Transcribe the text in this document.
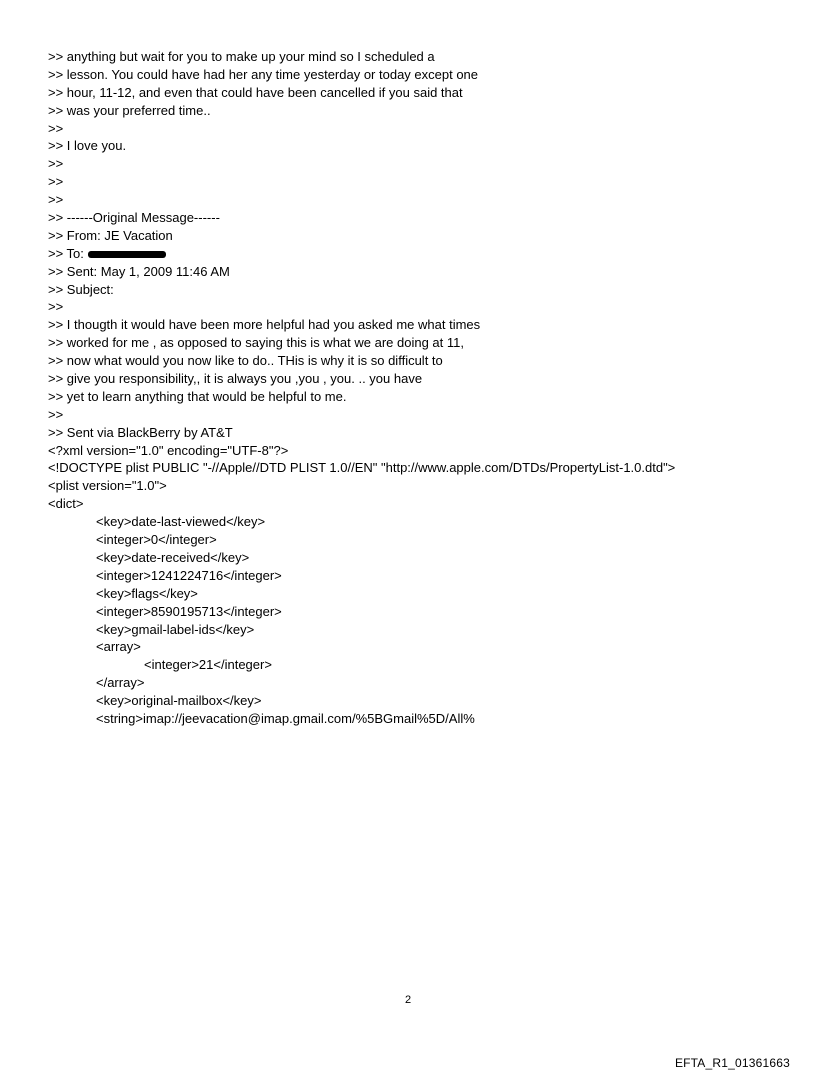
>> anything but wait for you to make up your mind so I scheduled a
>> lesson. You could have had her any time yesterday or today except one
>> hour, 11-12, and even that could have been cancelled if you said that
>> was your preferred time..
>>
>> I love you.
>>
>>
>>
>> ------Original Message------
>> From: JE Vacation
>> To:
>> Sent: May 1, 2009 11:46 AM
>> Subject:
>>
>> I thougth it would have been more helpful had you asked me what times
>> worked for me , as opposed to saying this is what we are doing at 11,
>> now what would you now like to do.. THis is why it is so difficult to
>> give you responsibility,, it is always you ,you , you. .. you have
>> yet to learn anything that would be helpful to me.
>>
>> Sent via BlackBerry by AT&T
<?xml version="1.0" encoding="UTF-8"?>
<!DOCTYPE plist PUBLIC "-//Apple//DTD PLIST 1.0//EN" "http://www.apple.com/DTDs/PropertyList-1.0.dtd">
<plist version="1.0">
<dict>
<key>date-last-viewed</key>
<integer>0</integer>
<key>date-received</key>
<integer>1241224716</integer>
<key>flags</key>
<integer>8590195713</integer>
<key>gmail-label-ids</key>
<array>
<integer>21</integer>
</array>
<key>original-mailbox</key>
<string>imap://jeevacation@imap.gmail.com/%5BGmail%5D/All%
2
EFTA_R1_01361663
